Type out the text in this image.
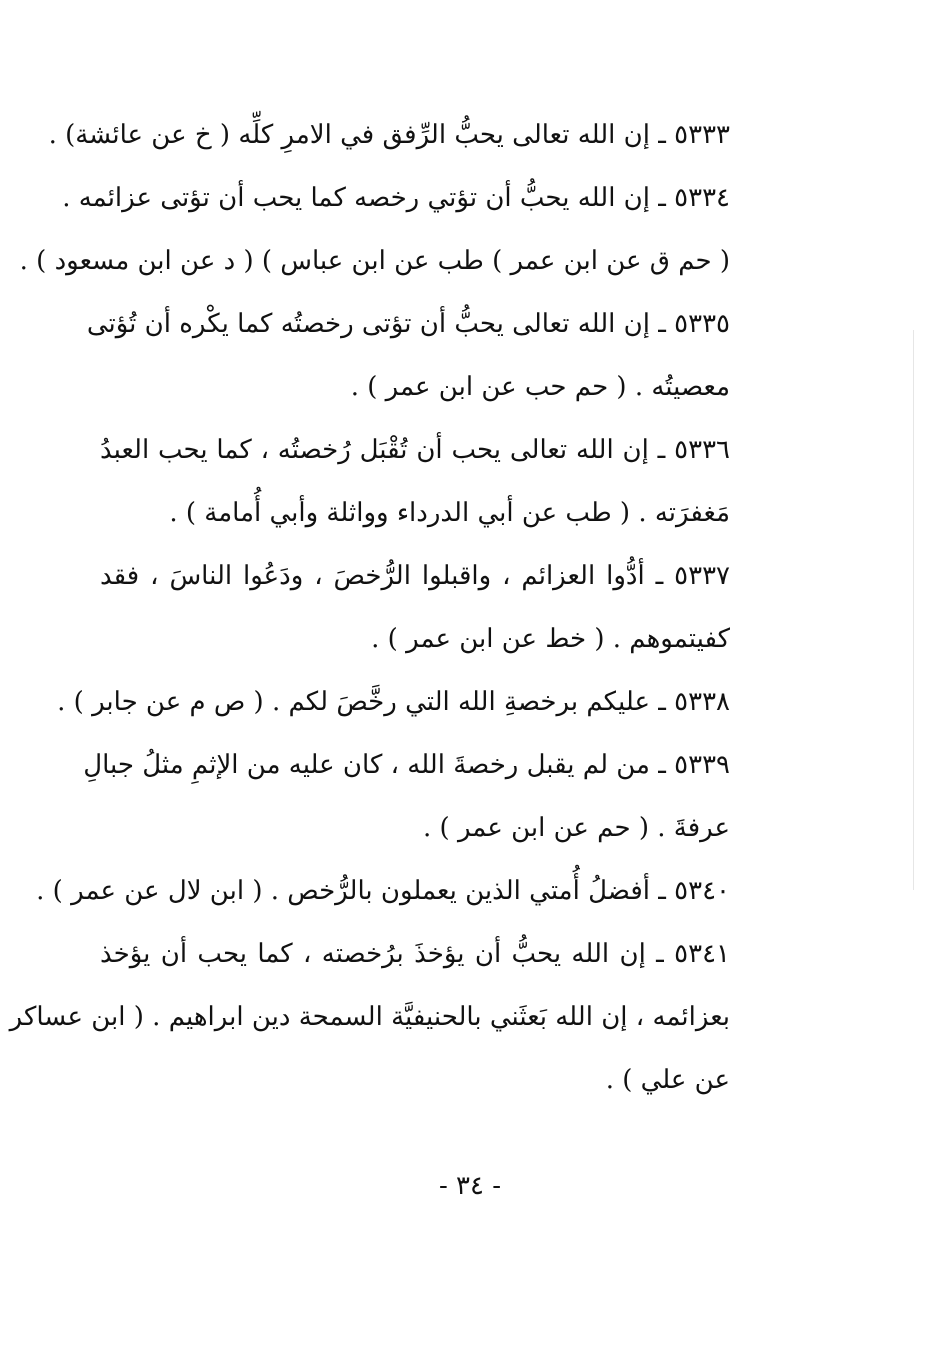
٥٣٣٣ ـ إن الله تعالى يحبُّ الرِّفق في الامرِ كلِّه ( خ عن عائشة) .
٥٣٣٤ ـ إن الله يحبُّ أن تؤتي رخصه كما يحب أن تؤتى عزائمه .
( حم ق عن ابن عمر ) طب عن ابن عباس ) ( د عن ابن مسعود ) .
٥٣٣٥ ـ إن الله تعالى يحبُّ أن تؤتى رخصتُه كما يكْره أن تُؤتى
معصيتُه . ( حم حب عن ابن عمر ) .
٥٣٣٦ ـ إن الله تعالى يحب أن تُقْبَل رُخصتُه ، كما يحب العبدُ
مَغفرَته . ( طب عن أبي الدرداء وواثلة وأبي أُمامة ) .
٥٣٣٧ ـ أدُّوا العزائم ، واقبلوا الرُّخصَ ، ودَعُوا الناسَ ، فقد
كفيتموهم . ( خط عن ابن عمر ) .
٥٣٣٨ ـ عليكم برخصةِ الله التي رخَّصَ لكم . ( ص م عن جابر ) .
٥٣٣٩ ـ من لم يقبل رخصةَ الله ، كان عليه من الإثمِ مثلُ جبالِ
عرفةَ . ( حم عن ابن عمر ) .
٥٣٤٠ ـ أفضلُ أُمتي الذين يعملون بالرُّخص . ( ابن لال عن عمر ) .
٥٣٤١ ـ إن الله يحبُّ أن يؤخذَ برُخصته ، كما يحب أن يؤخذ
بعزائمه ، إن الله بَعثَني بالحنيفيَّة السمحة دين ابراهيم . ( ابن عساكر
عن علي ) .
- ٣٤ -
